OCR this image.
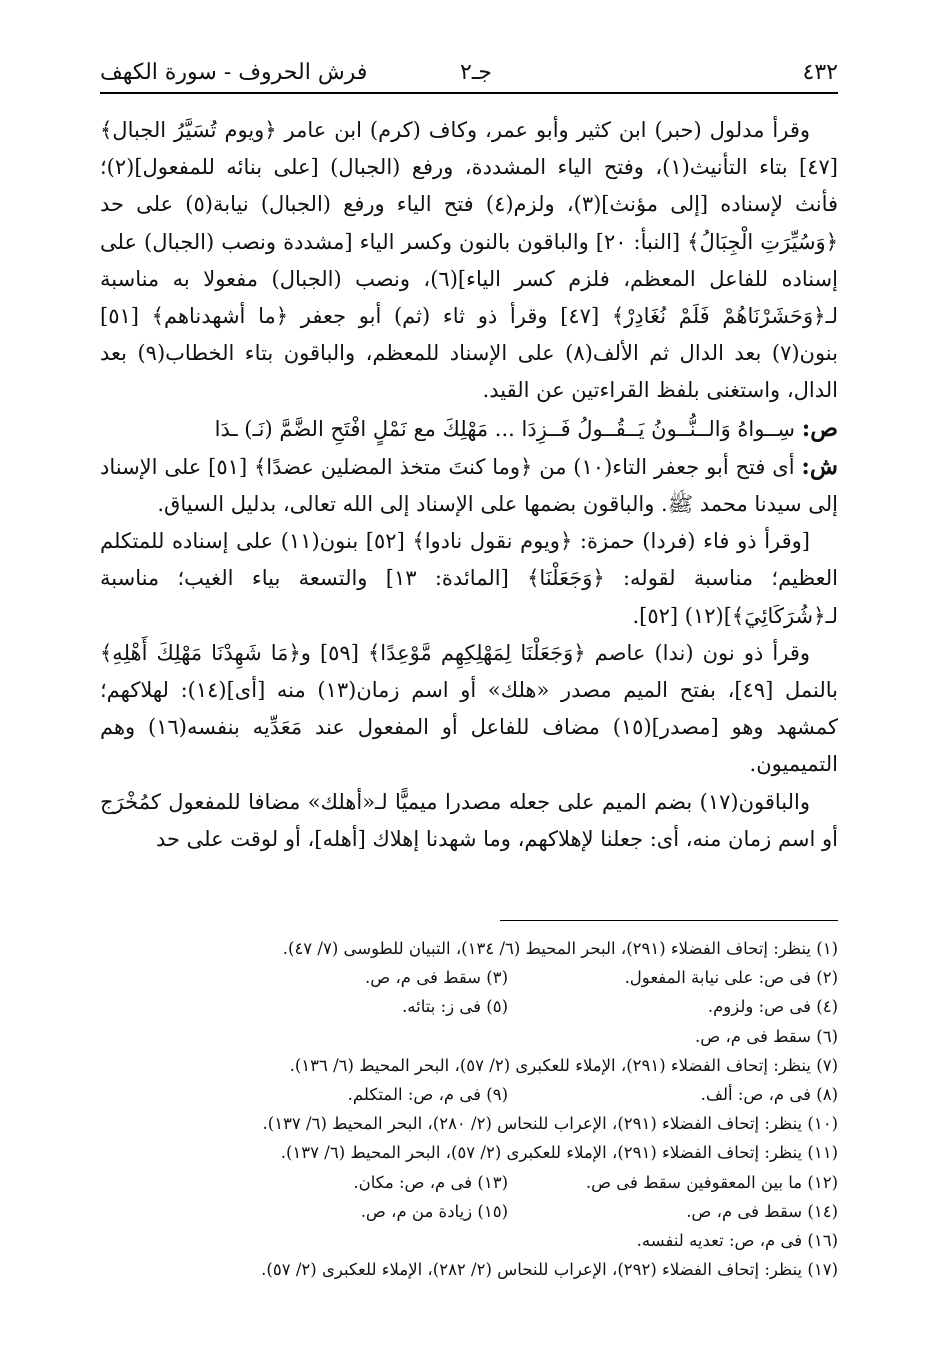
٤٣٢
جـ٢
فرش الحروف - سورة الكهف

وقرأ مدلول (حبر) ابن كثير وأبو عمر، وكاف (كرم) ابن عامر ﴿ويوم تُسَيَّرُ الجبال﴾ [٤٧] بتاء التأنيث(١)، وفتح الياء المشددة، ورفع (الجبال) [على بنائه للمفعول](٢)؛ فأنث لإسناده [إلى مؤنث](٣)، ولزم(٤) فتح الياء ورفع (الجبال) نيابة(٥) على حد ﴿وَسُيِّرَتِ الْجِبَالُ﴾ [النبأ: ٢٠] والباقون بالنون وكسر الياء [مشددة ونصب (الجبال) على إسناده للفاعل المعظم، فلزم كسر الياء](٦)، ونصب (الجبال) مفعولا به مناسبة لـ﴿وَحَشَرْنَاهُمْ فَلَمْ نُغَادِرْ﴾ [٤٧] وقرأ ذو ثاء (ثم) أبو جعفر ﴿ما أشهدناهم﴾ [٥١] بنون(٧) بعد الدال ثم الألف(٨) على الإسناد للمعظم، والباقون بتاء الخطاب(٩) بعد الدال، واستغنى بلفظ القراءتين عن القيد.

ص: سِــواهُ وَالــنُّــونُ يَــقُــولُ فَــزِدَا ... مَهْلِكَ مع نَمْلٍ افْتَحِ الضَّمَّ (نَـ) ـدَا

ش: أى فتح أبو جعفر التاء(١٠) من ﴿وما كنتَ متخذ المضلين عضدًا﴾ [٥١] على الإسناد إلى سيدنا محمد ﷺ. والباقون بضمها على الإسناد إلى الله تعالى، بدليل السياق.

[وقرأ ذو فاء (فردا) حمزة: ﴿ويوم نقول نادوا﴾ [٥٢] بنون(١١) على إسناده للمتكلم العظيم؛ مناسبة لقوله: ﴿وَجَعَلْنَا﴾ [المائدة: ١٣] والتسعة بياء الغيب؛ مناسبة لـ﴿شُرَكَائِيَ﴾](١٢) [٥٢].

وقرأ ذو نون (ندا) عاصم ﴿وَجَعَلْنَا لِمَهْلِكِهِم مَّوْعِدًا﴾ [٥٩] و﴿مَا شَهِدْنَا مَهْلِكَ أَهْلِهِ﴾ بالنمل [٤٩]، بفتح الميم مصدر «هلك» أو اسم زمان(١٣) منه [أى](١٤): لهلاكهم؛ كمشهد وهو [مصدر](١٥) مضاف للفاعل أو المفعول عند مَعَدِّيه بنفسه(١٦) وهم التميميون.

والباقون(١٧) بضم الميم على جعله مصدرا ميميًّا لـ«أهلك» مضافا للمفعول كمُخْرَج أو اسم زمان منه، أى: جعلنا لإهلاكهم، وما شهدنا إهلاك [أهله]، أو لوقت على حد

(١) ينظر: إتحاف الفضلاء (٢٩١)، البحر المحيط (٦/ ١٣٤)، التبيان للطوسى (٧/ ٤٧).
(٢) فى ص: على نيابة المفعول.
(٣) سقط فى م، ص.
(٤) فى ص: ولزوم.
(٥) فى ز: بتائه.
(٦) سقط فى م، ص.
(٧) ينظر: إتحاف الفضلاء (٢٩١)، الإملاء للعكبرى (٢/ ٥٧)، البحر المحيط (٦/ ١٣٦).
(٨) فى م، ص: ألف.
(٩) فى م، ص: المتكلم.
(١٠) ينظر: إتحاف الفضلاء (٢٩١)، الإعراب للنحاس (٢/ ٢٨٠)، البحر المحيط (٦/ ١٣٧).
(١١) ينظر: إتحاف الفضلاء (٢٩١)، الإملاء للعكبرى (٢/ ٥٧)، البحر المحيط (٦/ ١٣٧).
(١٢) ما بين المعقوفين سقط فى ص.
(١٣) فى م، ص: مكان.
(١٤) سقط فى م، ص.
(١٥) زيادة من م، ص.
(١٦) فى م، ص: تعديه لنفسه.
(١٧) ينظر: إتحاف الفضلاء (٢٩٢)، الإعراب للنحاس (٢/ ٢٨٢)، الإملاء للعكبرى (٢/ ٥٧).
